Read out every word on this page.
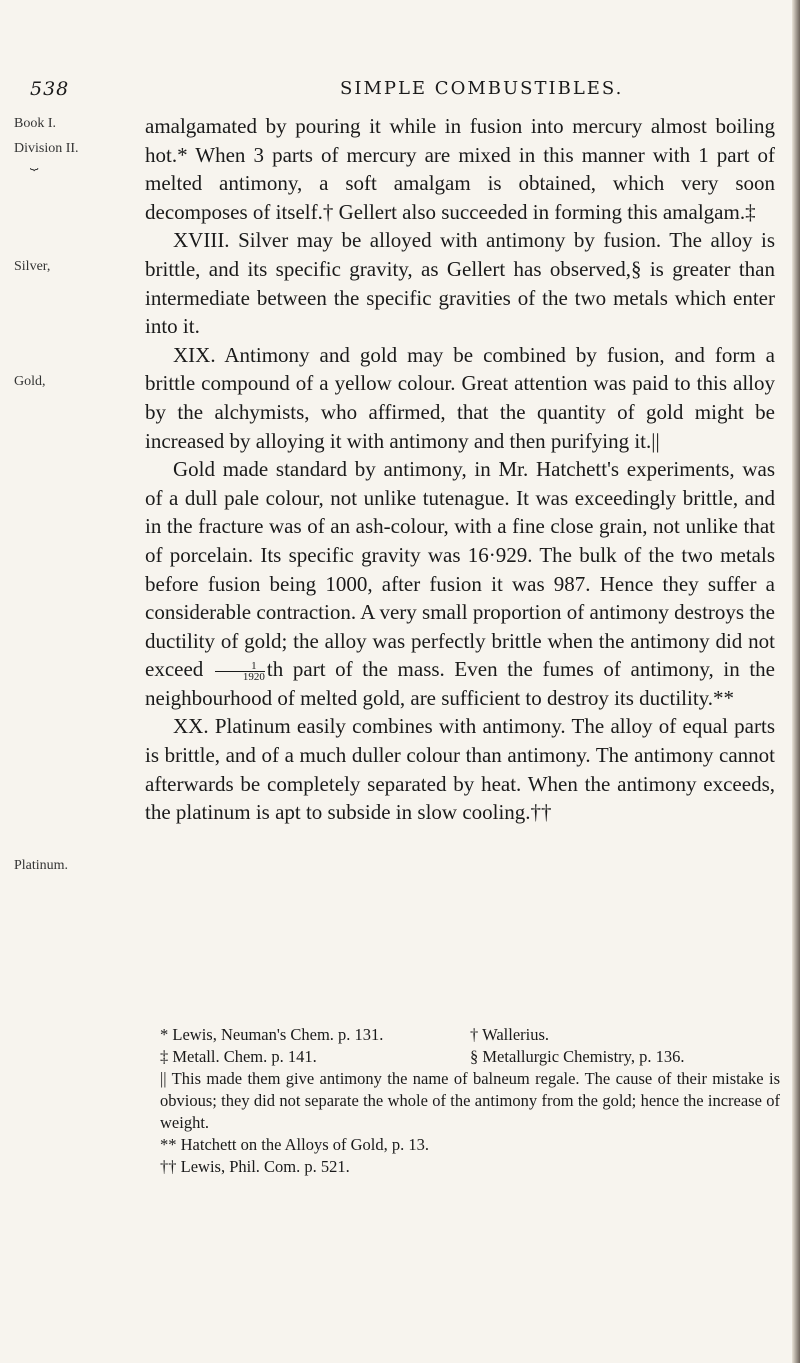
538	SIMPLE COMBUSTIBLES.
Book I.
Division II.
⏟
Silver,
Gold,
Platinum.

amalgamated by pouring it while in fusion into mercury almost boiling hot.* When 3 parts of mercury are mixed in this manner with 1 part of melted antimony, a soft amalgam is obtained, which very soon decomposes of itself.† Gellert also succeeded in forming this amalgam.‡

XVIII. Silver may be alloyed with antimony by fusion. The alloy is brittle, and its specific gravity, as Gellert has observed,§ is greater than intermediate between the specific gravities of the two metals which enter into it.

XIX. Antimony and gold may be combined by fusion, and form a brittle compound of a yellow colour. Great attention was paid to this alloy by the alchymists, who affirmed, that the quantity of gold might be increased by alloying it with antimony and then purifying it.||

Gold made standard by antimony, in Mr. Hatchett's experiments, was of a dull pale colour, not unlike tutenague. It was exceedingly brittle, and in the fracture was of an ash-colour, with a fine close grain, not unlike that of porcelain. Its specific gravity was 16·929. The bulk of the two metals before fusion being 1000, after fusion it was 987. Hence they suffer a considerable contraction. A very small proportion of antimony destroys the ductility of gold; the alloy was perfectly brittle when the antimony did not exceed $\frac{1}{1920}$ th part of the mass. Even the fumes of antimony, in the neighbourhood of melted gold, are sufficient to destroy its ductility.**

XX. Platinum easily combines with antimony. The alloy of equal parts is brittle, and of a much duller colour than antimony. The antimony cannot afterwards be completely separated by heat. When the antimony exceeds, the platinum is apt to subside in slow cooling.††

* Lewis, Neuman's Chem. p. 131.	† Wallerius.
‡ Metall. Chem. p. 141.	§ Metallurgic Chemistry, p. 136.

|| This made them give antimony the name of balneum regale. The cause of their mistake is obvious; they did not separate the whole of the antimony from the gold; hence the increase of weight.

** Hatchett on the Alloys of Gold, p. 13.

†† Lewis, Phil. Com. p. 521.
